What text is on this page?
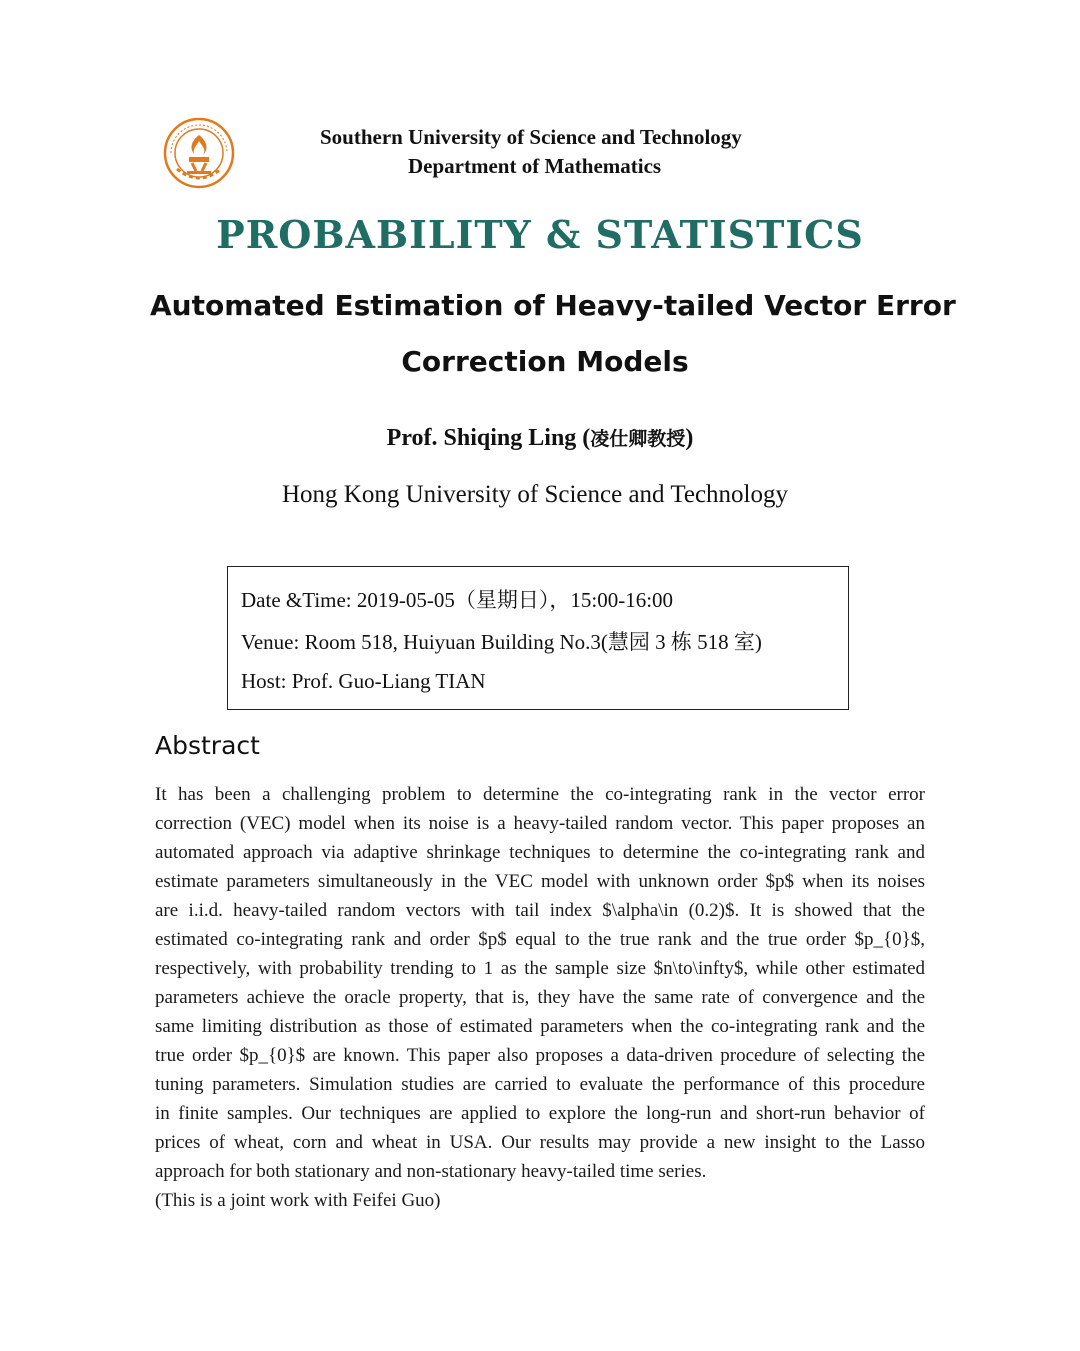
Southern University of Science and Technology
Department of Mathematics
PROBABILITY & STATISTICS
Automated Estimation of Heavy-tailed Vector Error
Correction Models
Prof. Shiqing Ling (凌仕卿教授)
Hong Kong University of Science and Technology
Date &Time: 2019-05-05（星期日），15:00-16:00
Venue: Room 518, Huiyuan Building No.3(慧园 3 栋 518 室)
Host: Prof. Guo-Liang TIAN
Abstract
It has been a challenging problem to determine the co-integrating rank in the vector error
correction (VEC) model when its noise is a heavy-tailed random vector. This paper proposes an
automated approach via adaptive shrinkage techniques to determine the co-integrating rank and
estimate parameters simultaneously in the VEC model with unknown order $p$ when its noises
are i.i.d. heavy-tailed random vectors with tail index $\alpha\in (0.2)$. It is showed that the
estimated co-integrating rank and order $p$ equal to the true rank and the true order $p_{0}$,
respectively, with probability trending to 1 as the sample size $n\to\infty$, while other estimated
parameters achieve the oracle property, that is, they have the same rate of convergence and the
same limiting distribution as those of estimated parameters when the co-integrating rank and the
true order $p_{0}$ are known. This paper also proposes a data-driven procedure of selecting the
tuning parameters. Simulation studies are carried to evaluate the performance of this procedure
in finite samples. Our techniques are applied to explore the long-run and short-run behavior of
prices of wheat, corn and wheat in USA. Our results may provide a new insight to the Lasso
approach for both stationary and non-stationary heavy-tailed time series.
(This is a joint work with Feifei Guo)
